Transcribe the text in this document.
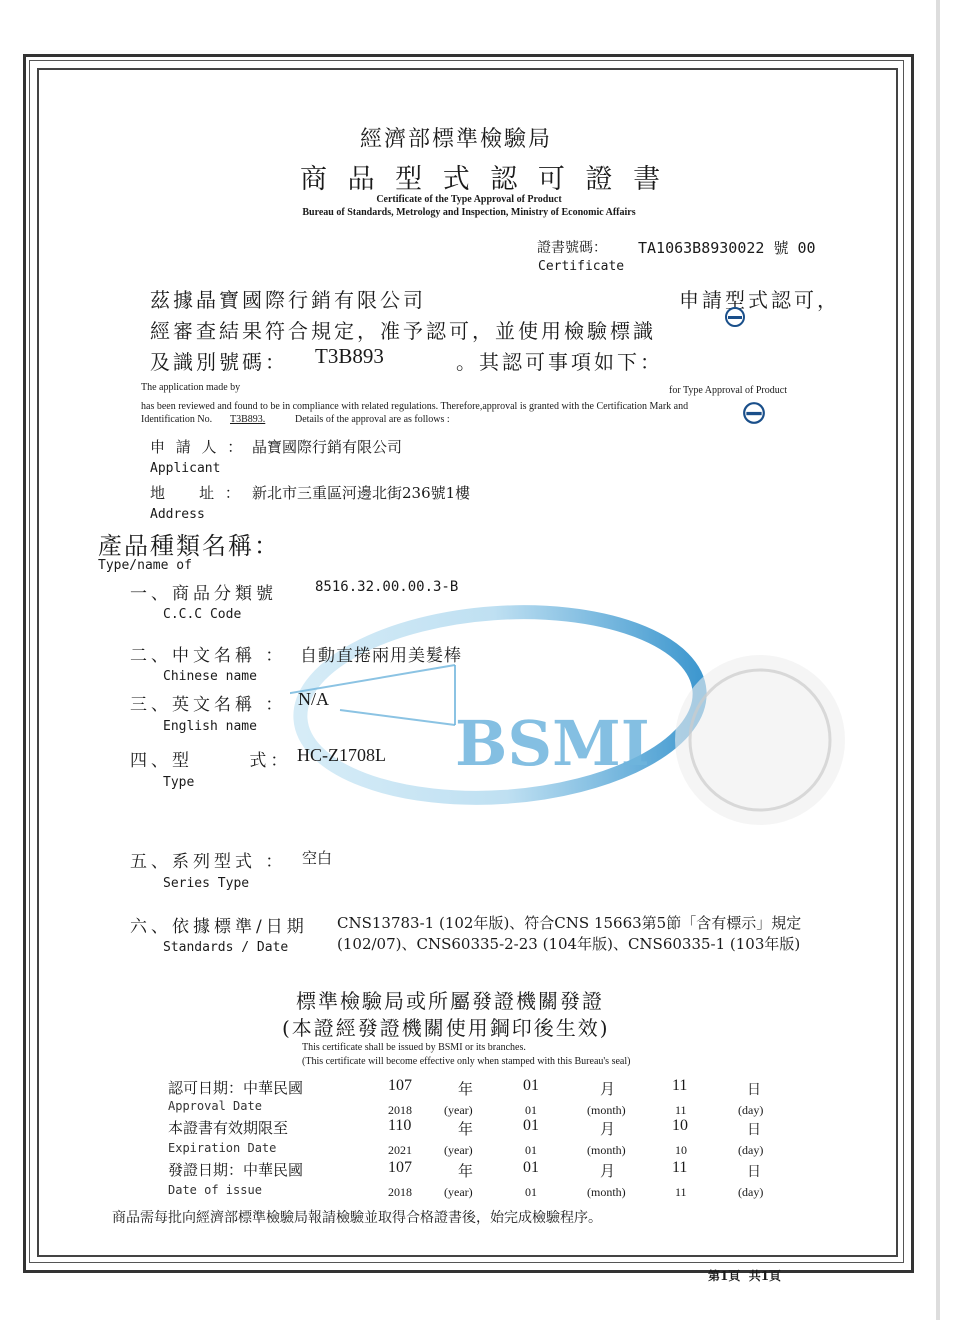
BSMI
經濟部標準檢驗局
商 品 型 式 認 可 證 書
Certificate of the Type Approval of Product
Bureau of Standards, Metrology and Inspection, Ministry of Economic Affairs
證書號碼： TA1063B8930022 號 00
Certificate
茲據晶寶國際行銷有限公司	申請型式認可，
經審查結果符合規定，准予認可，並使用檢驗標識
及識別號碼： T3B893	。其認可事項如下：
The application made by	for Type Approval of Product
has been reviewed and found to be in compliance with related regulations. Therefore,approval is granted with the Certification Mark and
Identification No. T3B893.	Details of the approval are as follows :
申 請 人 ： 晶寶國際行銷有限公司
Applicant
地    址 ： 新北市三重區河邊北街236號1樓
Address
產品種類名稱：
Type/name of
一、商品分類號	8516.32.00.00.3-B
C.C.C Code
二、中文名稱 ： 自動直捲兩用美髮棒
Chinese name
三、英文名稱 ： N/A
English name
四、型      式： HC-Z1708L
Type
五、系列型式 ： 空白
Series Type
六、依據標準/日期 CNS13783-1 (102年版)、符合CNS 15663第5節「含有標示」規定 (102/07)、CNS60335-2-23 (104年版)、CNS60335-1 (103年版)
Standards / Date
標準檢驗局或所屬發證機關發證
(本證經發證機關使用鋼印後生效)
This certificate shall be issued by BSMI or its branches.
(This certificate will become effective only when stamped with this Bureau's seal)
認可日期：中華民國
Approval Date
107	年	01	月	11	日
2018	(year)	01	(month)	11	(day)
本證書有效期限至
Expiration Date
110	年	01	月	10	日
2021	(year)	01	(month)	10	(day)
發證日期：中華民國
Date of issue
107	年	01	月	11	日
2018	(year)	01	(month)	11	(day)
商品需每批向經濟部標準檢驗局報請檢驗並取得合格證書後，始完成檢驗程序。
第1頁  共1頁
